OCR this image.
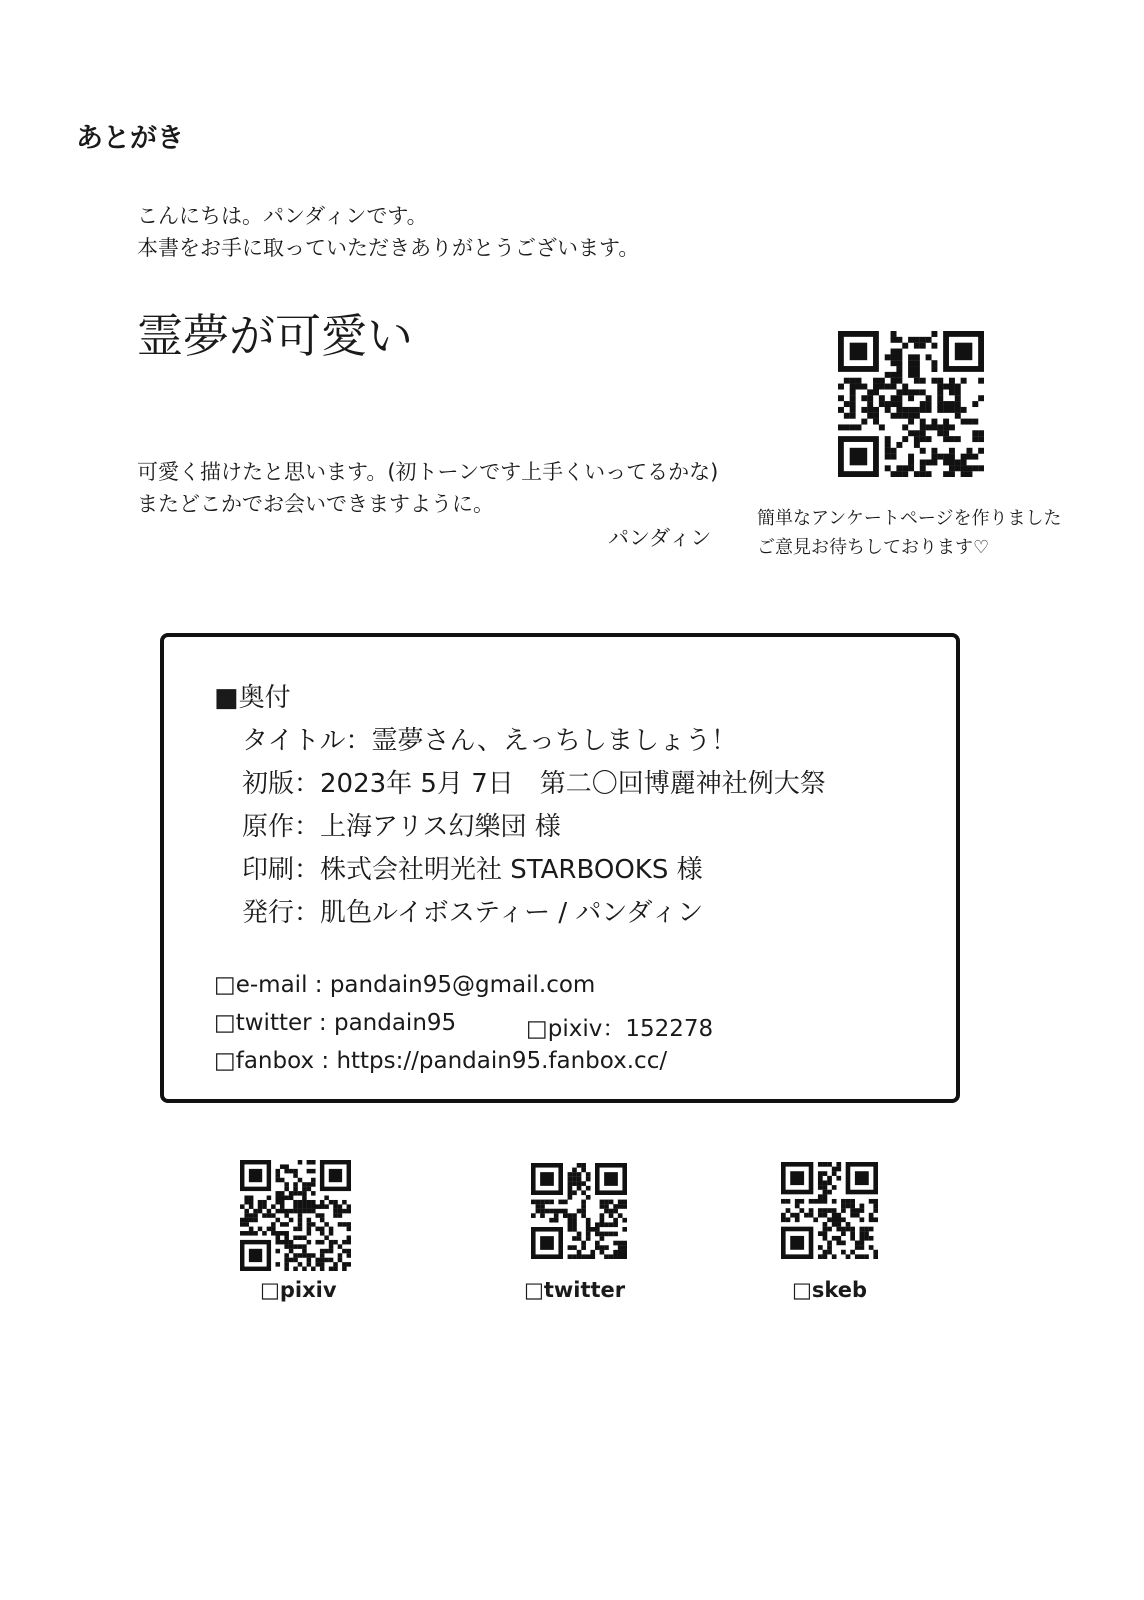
あとがき
こんにちは。パンダィンです。
本書をお手に取っていただきありがとうございます。
霊夢が可愛い
可愛く描けたと思います。(初トーンです上手くいってるかな)
またどこかでお会いできますように。
パンダィン
簡単なアンケートページを作りました
ご意見お待ちしております♡
■奥付
タイトル：霊夢さん、えっちしましょう！
初版：2023年 5月 7日　第二〇回博麗神社例大祭
原作：上海アリス幻樂団 様
印刷：株式会社明光社 STARBOOKS 様
発行：肌色ルイボスティー / パンダィン
□e-mail : pandain95@gmail.com
□twitter : pandain95	□pixiv：152278
□fanbox : https://pandain95.fanbox.cc/
□pixiv	□twitter	□skeb
